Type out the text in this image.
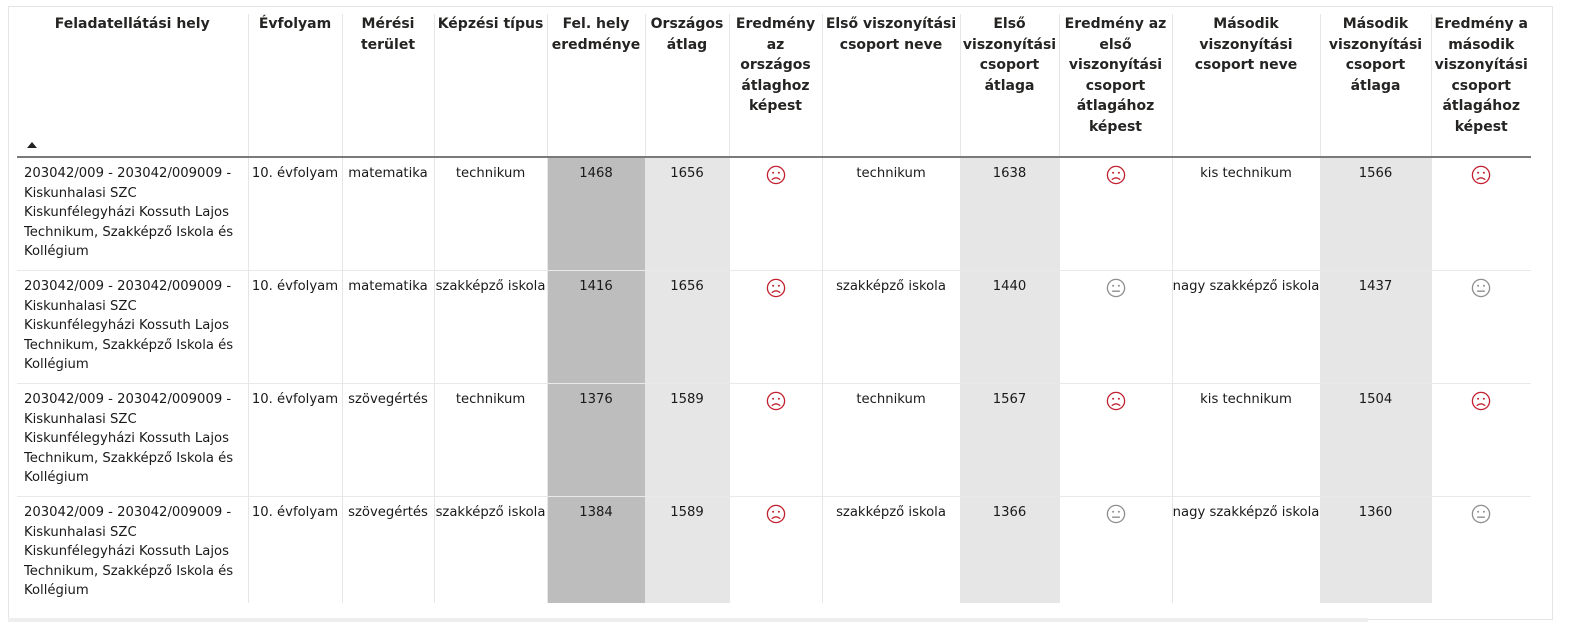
Feladatellátási hely	Évfolyam	Mérési terület	Képzési típus	Fel. hely eredménye	Országos átlag	Eredmény az országos átlaghoz képest	Első viszonyítási csoport neve	Első viszonyítási csoport átlaga	Eredmény az első viszonyítási csoport átlagához képest	Második viszonyítási csoport neve	Második viszonyítási csoport átlaga	Eredmény a második viszonyítási csoport átlagához képest
203042/009 - 203042/009009 - Kiskunhalasi SZC Kiskunfélegyházi Kossuth Lajos Technikum, Szakképző Iskola és Kollégium	10. évfolyam	matematika	technikum	1468	1656		technikum	1638		kis technikum	1566	
203042/009 - 203042/009009 - Kiskunhalasi SZC Kiskunfélegyházi Kossuth Lajos Technikum, Szakképző Iskola és Kollégium	10. évfolyam	matematika	szakképző iskola	1416	1656		szakképző iskola	1440		nagy szakképző iskola	1437	
203042/009 - 203042/009009 - Kiskunhalasi SZC Kiskunfélegyházi Kossuth Lajos Technikum, Szakképző Iskola és Kollégium	10. évfolyam	szövegértés	technikum	1376	1589		technikum	1567		kis technikum	1504	
203042/009 - 203042/009009 - Kiskunhalasi SZC Kiskunfélegyházi Kossuth Lajos Technikum, Szakképző Iskola és Kollégium	10. évfolyam	szövegértés	szakképző iskola	1384	1589		szakképző iskola	1366		nagy szakképző iskola	1360	
